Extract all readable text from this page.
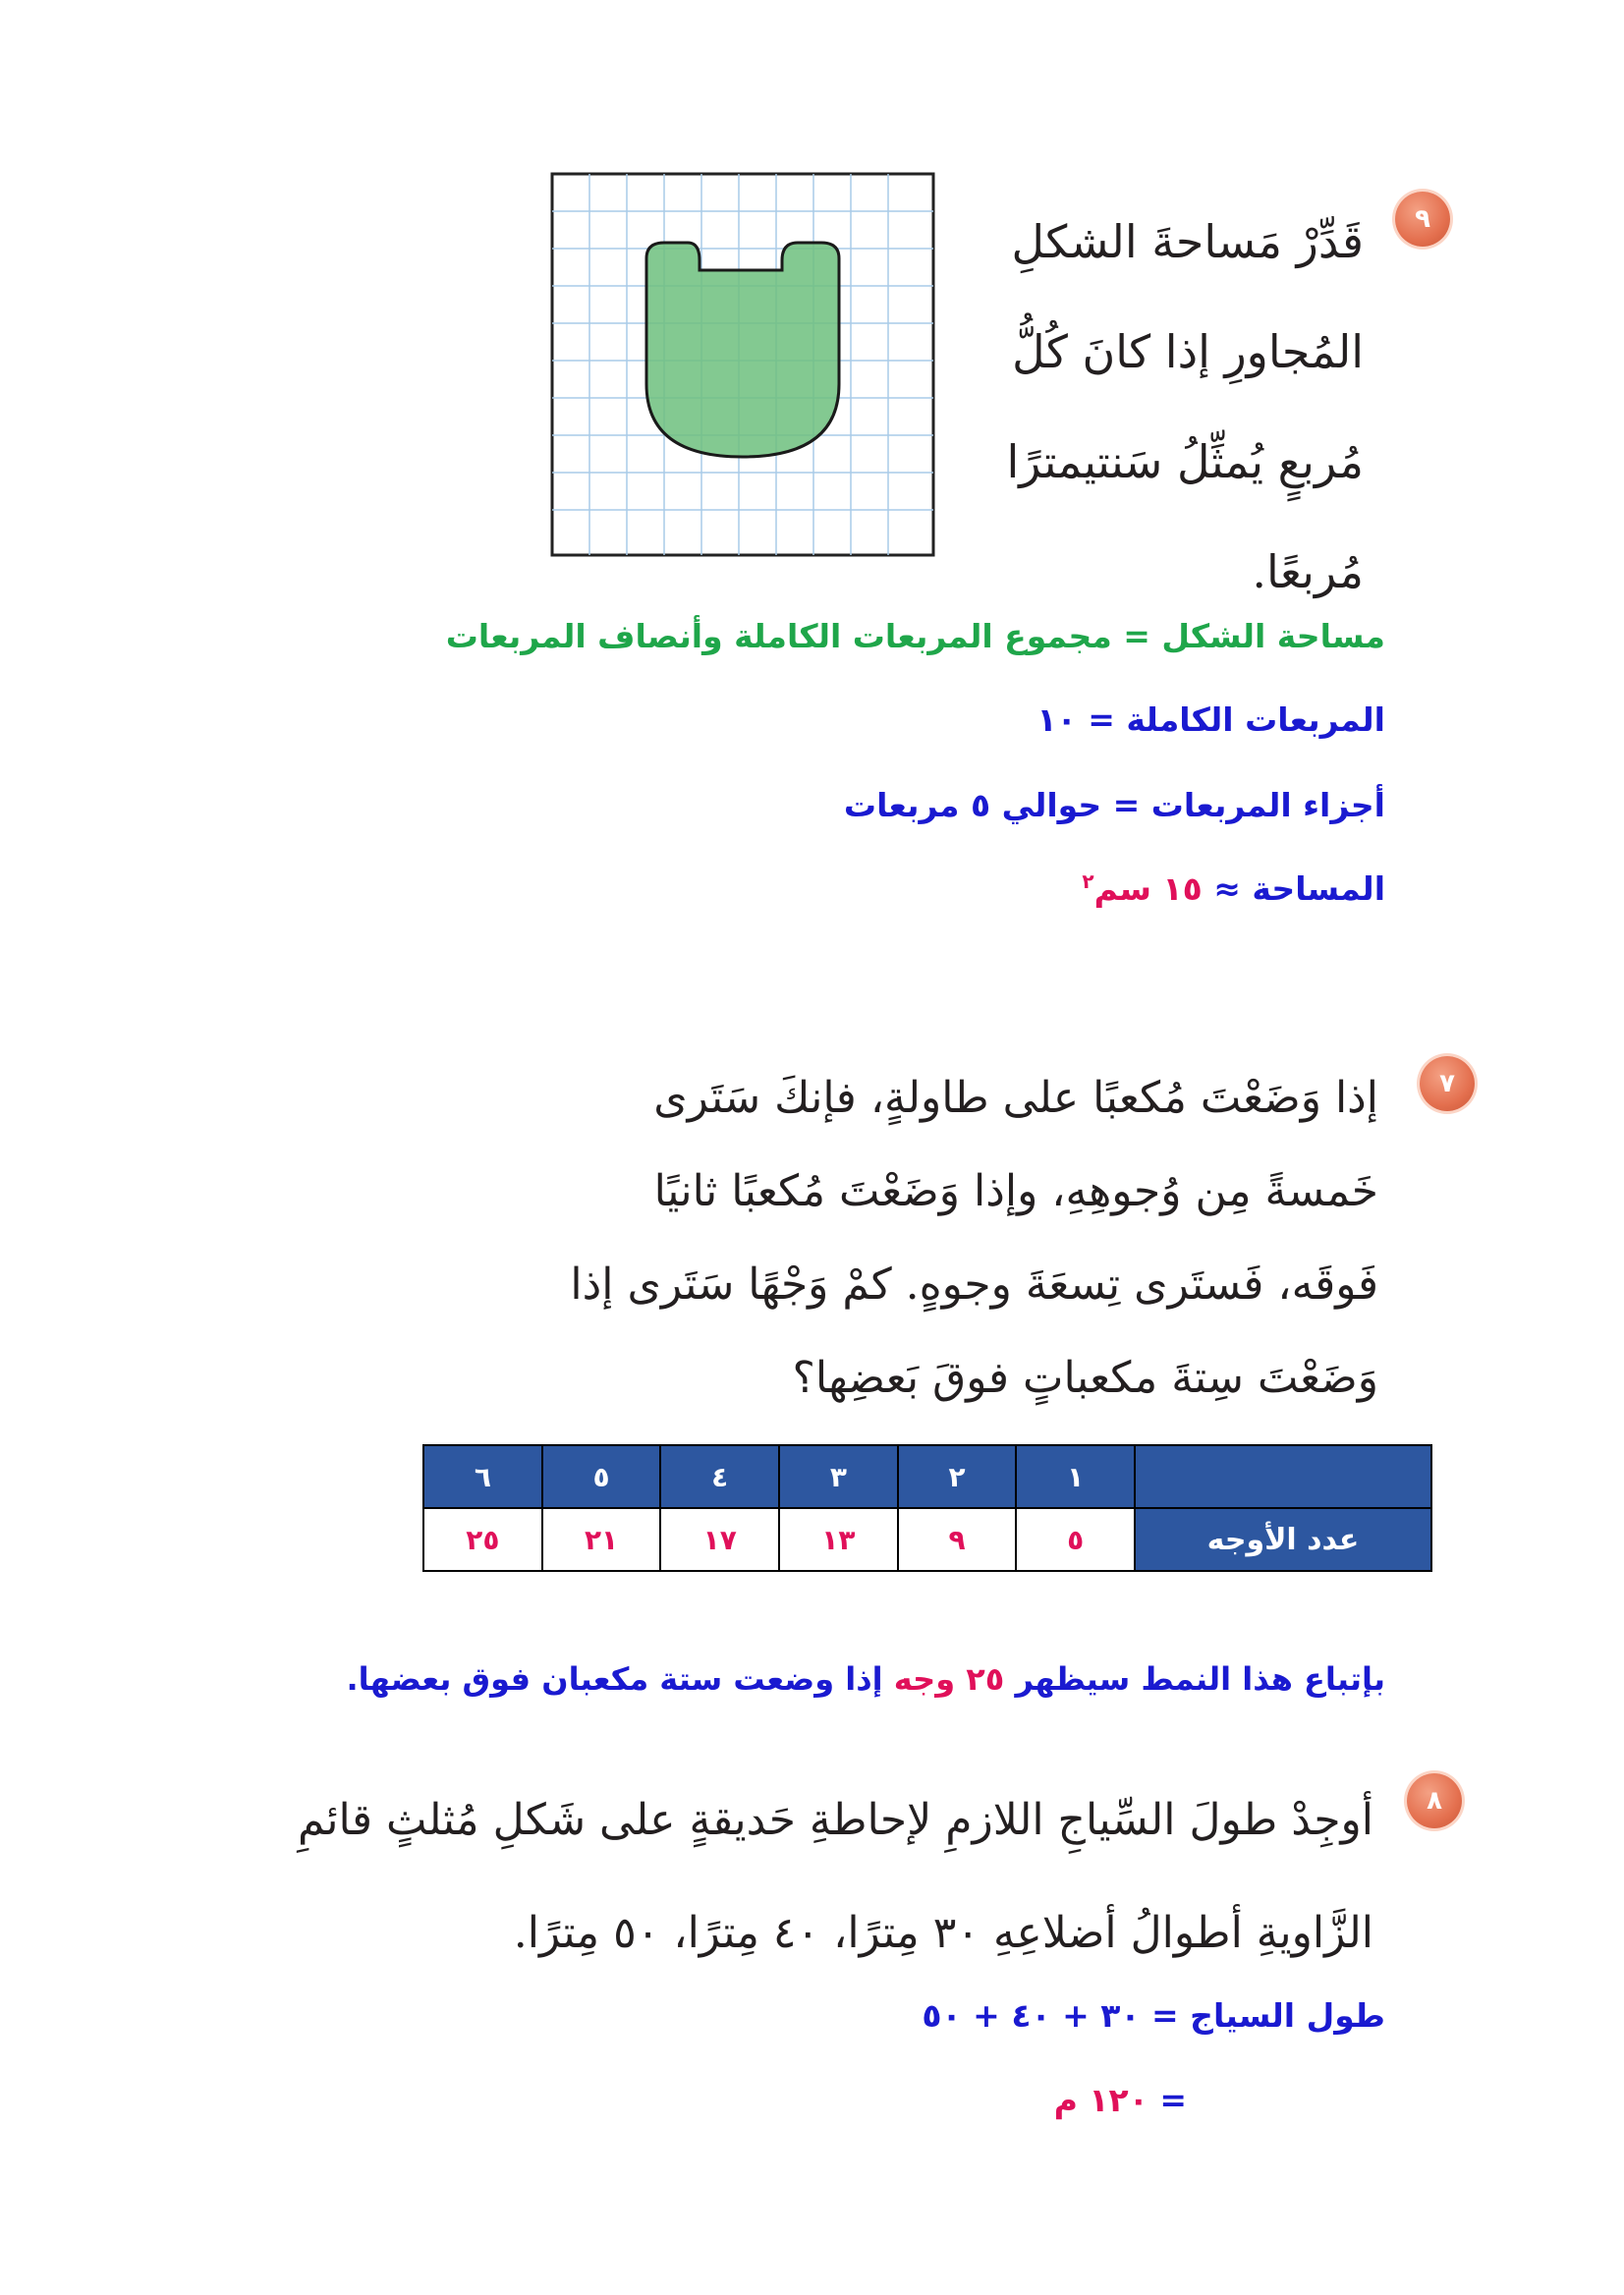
٩
قَدِّرْ مَساحةَ الشكلِ
المُجاورِ إذا كانَ كُلُّ
مُربعٍ يُمثِّلُ سَنتيمترًا
مُربعًا.
مساحة الشكل = مجموع المربعات الكاملة وأنصاف المربعات
المربعات الكاملة = ١٠
أجزاء المربعات = حوالي ٥ مربعات
المساحة ≈ ١٥ سم$^٢$
٧
إذا وَضَعْتَ مُكعبًا على طاولةٍ، فإنكَ سَتَرى
خَمسةً مِن وُجوهِهِ، وإذا وَضَعْتَ مُكعبًا ثانيًا
فَوقَه، فَستَرى تِسعَةَ وجوهٍ. كمْ وَجْهًا سَتَرى إذا
وَضَعْتَ سِتةَ مكعباتٍ فوقَ بَعضِها؟
	١	٢	٣	٤	٥	٦
عدد الأوجه	٥	٩	١٣	١٧	٢١	٢٥
بإتباع هذا النمط سيظهر ٢٥ وجه إذا وضعت ستة مكعبان فوق بعضها.
٨
أوجِدْ طولَ السِّياجِ اللازمِ لإحاطةِ حَديقةٍ على شَكلِ مُثلثٍ قائمِ
الزَّاويةِ أطوالُ أضلاعِهِ ٣٠ مِترًا، ٤٠ مِترًا، ٥٠ مِترًا.
طول السياج = ٣٠ + ٤٠ + ٥٠
= ١٢٠ م
